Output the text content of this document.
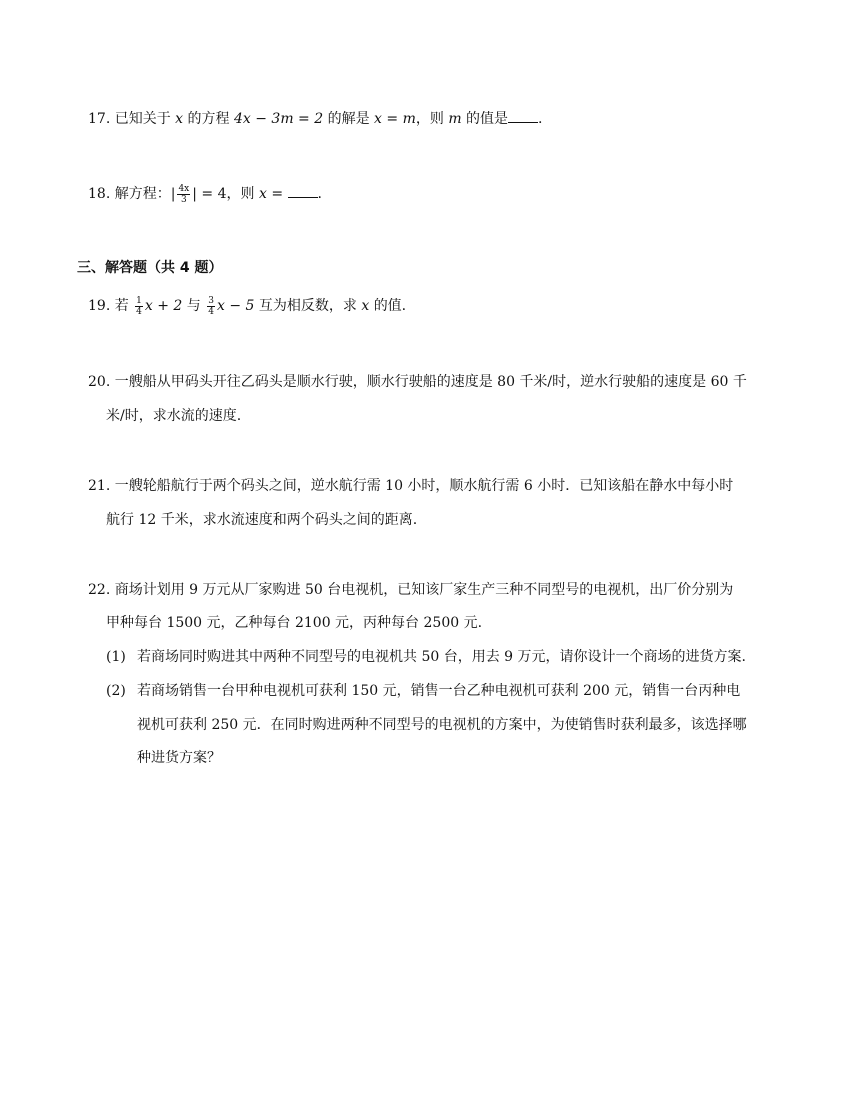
17. 已知关于 x 的方程 4x − 3m = 2 的解是 x = m，则 m 的值是 .
18. 解方程：| $\frac{4x}{3}$ | = 4，则 x = .
三、解答题（共 4 题）
19. 若 $\frac{1}{4}$ x + 2 与 $\frac{3}{4}$ x − 5 互为相反数，求 x 的值.
20. 一艘船从甲码头开往乙码头是顺水行驶，顺水行驶船的速度是 80 千米/时，逆水行驶船的速度是 60 千
米/时，求水流的速度.
21. 一艘轮船航行于两个码头之间，逆水航行需 10 小时，顺水航行需 6 小时．已知该船在静水中每小时
航行 12 千米，求水流速度和两个码头之间的距离.
22. 商场计划用 9 万元从厂家购进 50 台电视机，已知该厂家生产三种不同型号的电视机，出厂价分别为
甲种每台 1500 元，乙种每台 2100 元，丙种每台 2500 元.
(1) 若商场同时购进其中两种不同型号的电视机共 50 台，用去 9 万元，请你设计一个商场的进货方案.
(2) 若商场销售一台甲种电视机可获利 150 元，销售一台乙种电视机可获利 200 元，销售一台丙种电
视机可获利 250 元．在同时购进两种不同型号的电视机的方案中，为使销售时获利最多，该选择哪
种进货方案？
